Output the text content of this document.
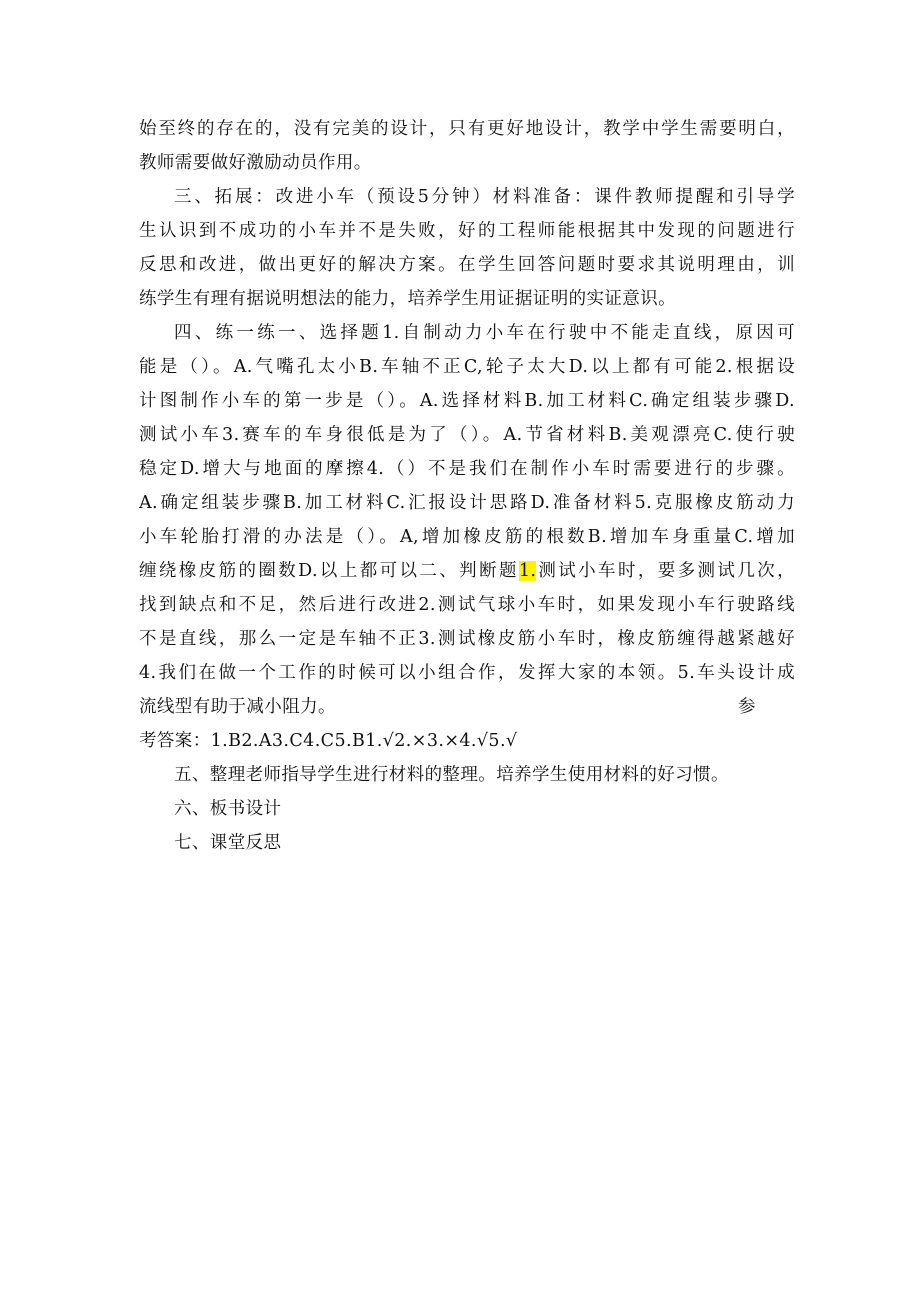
始至终的存在的，没有完美的设计，只有更好地设计，教学中学生需要明白，
教师需要做好激励动员作用。
三、拓展：改进小车（预设5分钟）材料准备：课件教师提醒和引导学
生认识到不成功的小车并不是失败，好的工程师能根据其中发现的问题进行
反思和改进，做出更好的解决方案。在学生回答问题时要求其说明理由，训
练学生有理有据说明想法的能力，培养学生用证据证明的实证意识。
四、练一练一、选择题1.自制动力小车在行驶中不能走直线，原因可
能是（）。A.气嘴孔太小B.车轴不正C,轮子太大D.以上都有可能2.根据设
计图制作小车的第一步是（）。A.选择材料B.加工材料C.确定组装步骤D.
测试小车3.赛车的车身很低是为了（）。A.节省材料B.美观漂亮C.使行驶
稳定D.增大与地面的摩擦4.（）不是我们在制作小车时需要进行的步骤。
A.确定组装步骤B.加工材料C.汇报设计思路D.准备材料5.克服橡皮筋动力
小车轮胎打滑的办法是（）。A,增加橡皮筋的根数B.增加车身重量C.增加
缠绕橡皮筋的圈数D.以上都可以二、判断题1.测试小车时，要多测试几次，
找到缺点和不足，然后进行改进2.测试气球小车时，如果发现小车行驶路线
不是直线，那么一定是车轴不正3.测试橡皮筋小车时，橡皮筋缠得越紧越好
4.我们在做一个工作的时候可以小组合作，发挥大家的本领。5.车头设计成
流线型有助于减小阻力。	参
考答案：1.B2.A3.C4.C5.B1.√2.×3.×4.√5.√
五、整理老师指导学生进行材料的整理。培养学生使用材料的好习惯。
六、板书设计
七、课堂反思
